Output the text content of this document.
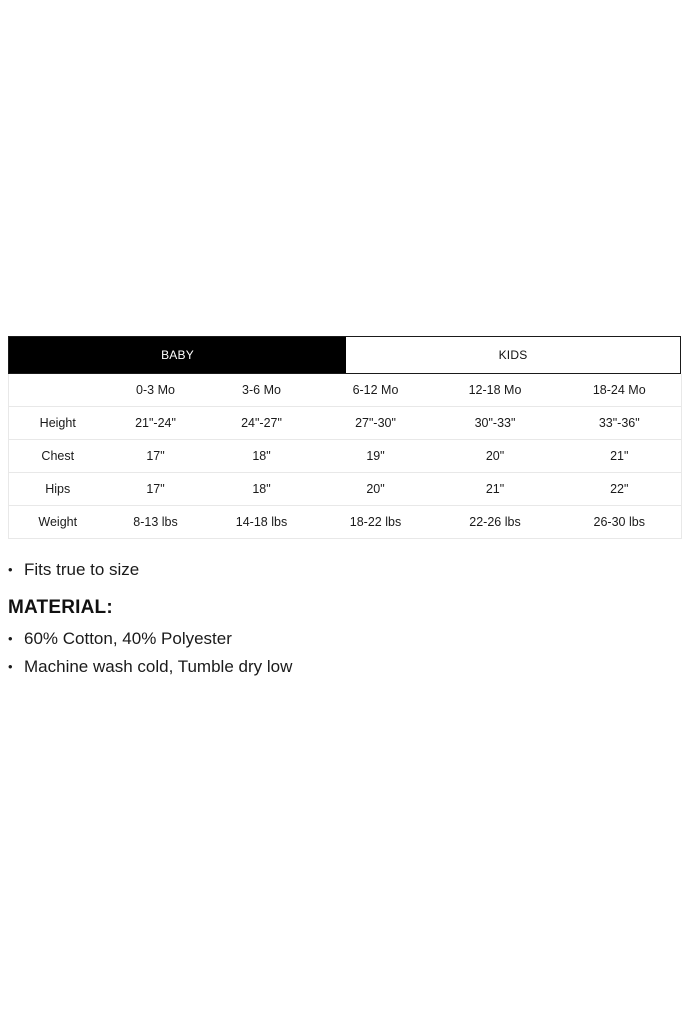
BABY	KIDS
	0-3 Mo	3-6 Mo	6-12 Mo	12-18 Mo	18-24 Mo
Height	21"-24"	24"-27"	27"-30"	30"-33"	33"-36"
Chest	17"	18"	19"	20"	21"
Hips	17"	18"	20"	21"	22"
Weight	8-13 lbs	14-18 lbs	18-22 lbs	22-26 lbs	26-30 lbs
• Fits true to size
MATERIAL:
• 60% Cotton, 40% Polyester
• Machine wash cold, Tumble dry low
